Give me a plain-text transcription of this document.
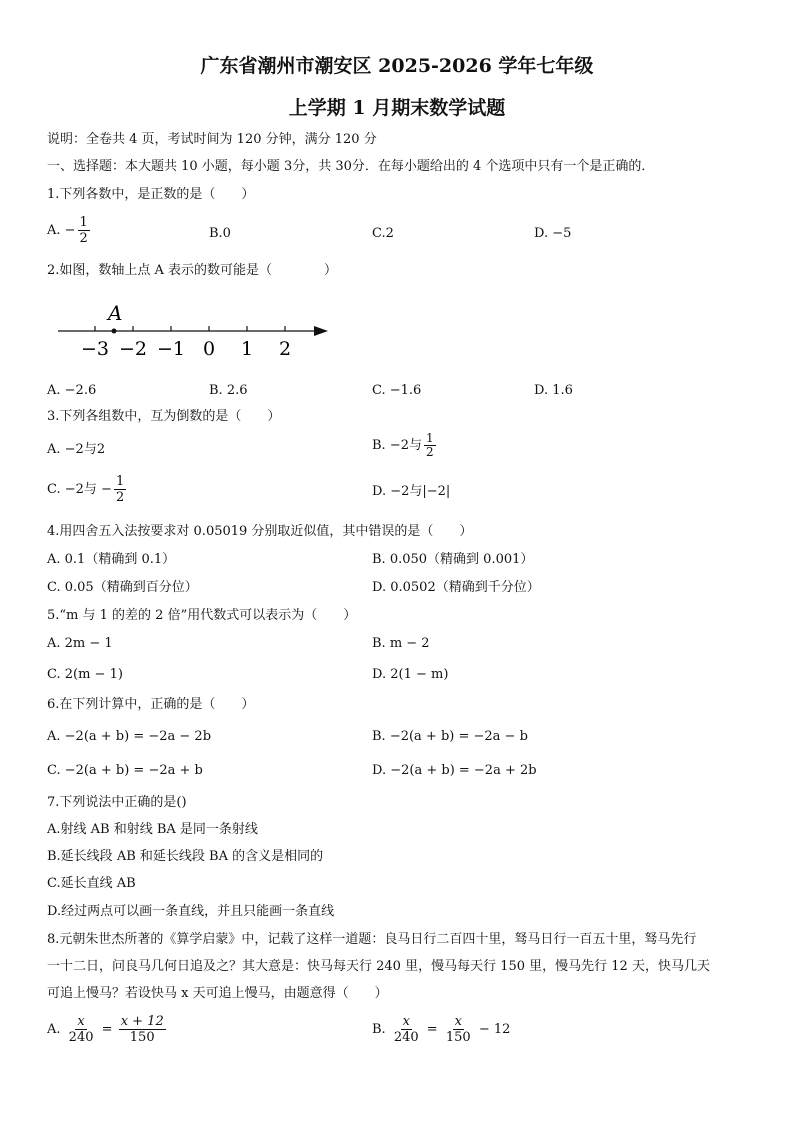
广东省潮州市潮安区 2025-2026 学年七年级
上学期 1 月期末数学试题
说明：全卷共 4 页，考试时间为 120 分钟，满分 120 分
一、选择题：本大题共 10 小题，每小题 3分，共 30分．在每小题给出的 4 个选项中只有一个是正确的．
1.下列各数中，是正数的是（　　）
A. − $\frac{1}{2}$	B.0	C.2	D. −5
2.如图，数轴上点 A 表示的数可能是（　　　　）
−3 −2 −1 0 1 2
A
A. −2.6	B. 2.6	C. −1.6	D. 1.6
3.下列各组数中，互为倒数的是（　　）
A. −2与2	B. −2与 $\frac{1}{2}$
C. −2与 − $\frac{1}{2}$	D. −2与|−2|
4.用四舍五入法按要求对 0.05019 分别取近似值，其中错误的是（　　）
A. 0.1（精确到 0.1）	B. 0.050（精确到 0.001）
C. 0.05（精确到百分位）	D. 0.0502（精确到千分位）
5.“m 与 1 的差的 2 倍”用代数式可以表示为（　　）
A. 2m − 1	B. m − 2
C. 2(m − 1)	D. 2(1 − m)
6.在下列计算中，正确的是（　　）
A. −2(a + b) = −2a − 2b	B. −2(a + b) = −2a − b
C. −2(a + b) = −2a + b	D. −2(a + b) = −2a + 2b
7.下列说法中正确的是()
A.射线 AB 和射线 BA 是同一条射线
B.延长线段 AB 和延长线段 BA 的含义是相同的
C.延长直线 AB
D.经过两点可以画一条直线，并且只能画一条直线
8.元朝朱世杰所著的《算学启蒙》中，记载了这样一道题：良马日行二百四十里，驽马日行一百五十里，驽马先行
一十二日，问良马几何日追及之？其大意是：快马每天行 240 里，慢马每天行 150 里，慢马先行 12 天，快马几天
可追上慢马？若设快马 x 天可追上慢马，由题意得（　　）
A. $\frac{x}{240} = \frac{x + 12}{150}$	B. $\frac{x}{240} = \frac{x}{150} - 12$
